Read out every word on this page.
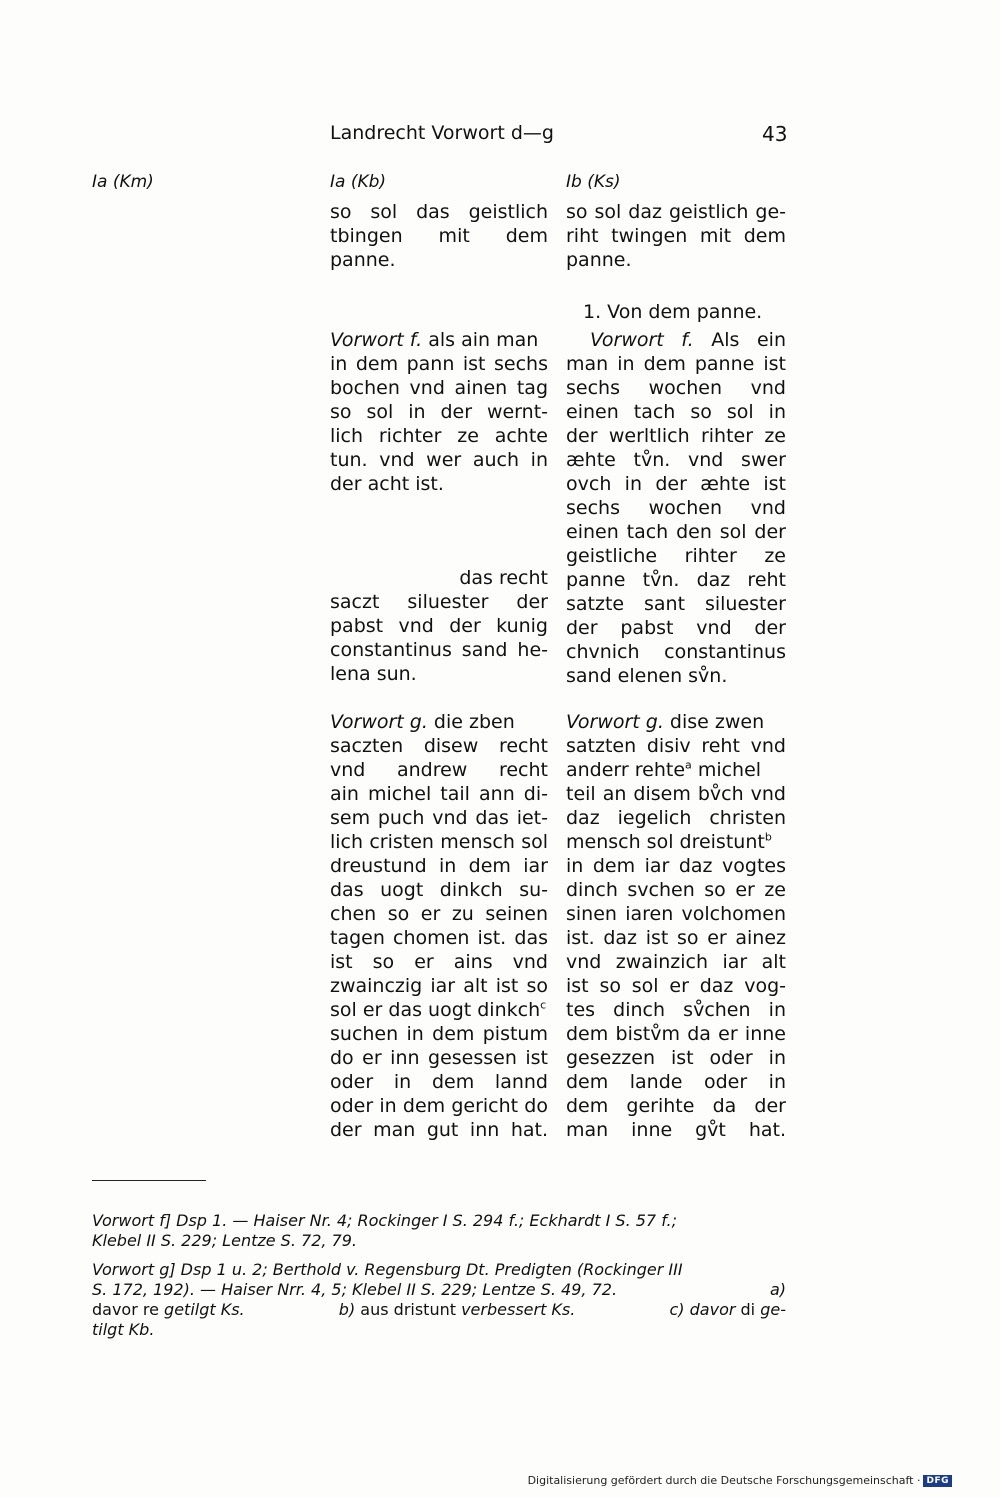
Landrecht Vorwort d—g	43
Ia (Km)	Ia (Kb)	Ib (Ks)
so sol das geistlich
tbingen mit dem
panne.
Vorwort f. als ain man
in dem pann ist sechs
bochen vnd ainen tag
so sol in der wernt-
lich richter ze achte
tun. vnd wer auch in
der acht ist.
das recht
saczt siluester der
pabst vnd der kunig
constantinus sand he-
lena sun.
Vorwort g. die zben
saczten disew recht
vnd andrew recht
ain michel tail ann di-
sem puch vnd das iet-
lich cristen mensch sol
dreustund in dem iar
das uogt dinkch su-
chen so er zu seinen
tagen chomen ist. das
ist so er ains vnd
zwainczig iar alt ist so
sol er das uogt dinkch$^c$
suchen in dem pistum
do er inn gesessen ist
oder in dem lannd
oder in dem gericht do
der man gut inn hat.
so sol daz geistlich ge-
riht twingen mit dem
panne.
1. Von dem panne.
Vorwort f. Als ein
man in dem panne ist
sechs wochen vnd
einen tach so sol in
der werltlich rihter ze
æhte tv̊n. vnd swer
ovch in der æhte ist
sechs wochen vnd
einen tach den sol der
geistliche rihter ze
panne tv̊n. daz reht
satzte sant siluester
der pabst vnd der
chvnich constantinus
sand elenen sv̊n.
Vorwort g. dise zwen
satzten disiv reht vnd
anderr rehte$^a$ michel
teil an disem bv̊ch vnd
daz iegelich christen
mensch sol dreistunt$^b$
in dem iar daz vogtes
dinch svchen so er ze
sinen iaren volchomen
ist. daz ist so er ainez
vnd zwainzich iar alt
ist so sol er daz vog-
tes dinch sv̊chen in
dem bistv̊m da er inne
gesezzen ist oder in
dem lande oder in
dem gerihte da der
man inne gv̊t hat.
Vorwort f] Dsp 1. — Haiser Nr. 4; Rockinger I S. 294 f.; Eckhardt I S. 57 f.;
Klebel II S. 229; Lentze S. 72, 79.
Vorwort g] Dsp 1 u. 2; Berthold v. Regensburg Dt. Predigten (Rockinger III
S. 172, 192). — Haiser Nrr. 4, 5; Klebel II S. 229; Lentze S. 49, 72.	a)
davor re getilgt Ks.	b) aus dristunt verbessert Ks.	c) davor di ge-
tilgt Kb.
Digitalisierung gefördert durch die Deutsche Forschungsgemeinschaft · DFG
